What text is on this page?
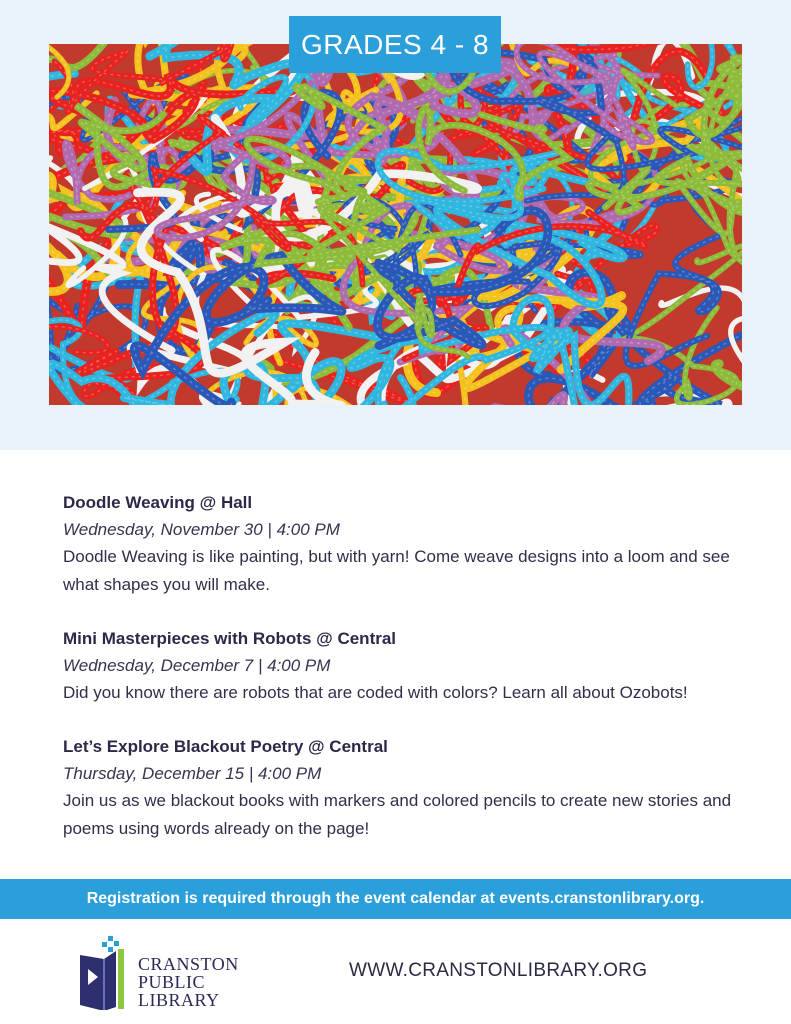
GRADES 4 - 8
Doodle Weaving @ Hall
Wednesday, November 30 | 4:00 PM
Doodle Weaving is like painting, but with yarn! Come weave designs into a loom and see what shapes you will make.
Mini Masterpieces with Robots @ Central
Wednesday, December 7 | 4:00 PM
Did you know there are robots that are coded with colors? Learn all about Ozobots!
Let’s Explore Blackout Poetry @ Central
Thursday, December 15 | 4:00 PM
Join us as we blackout books with markers and colored pencils to create new stories and poems using words already on the page!
Registration is required through the event calendar at events.cranstonlibrary.org.
CRANSTON
PUBLIC
LIBRARY
WWW.CRANSTONLIBRARY.ORG
